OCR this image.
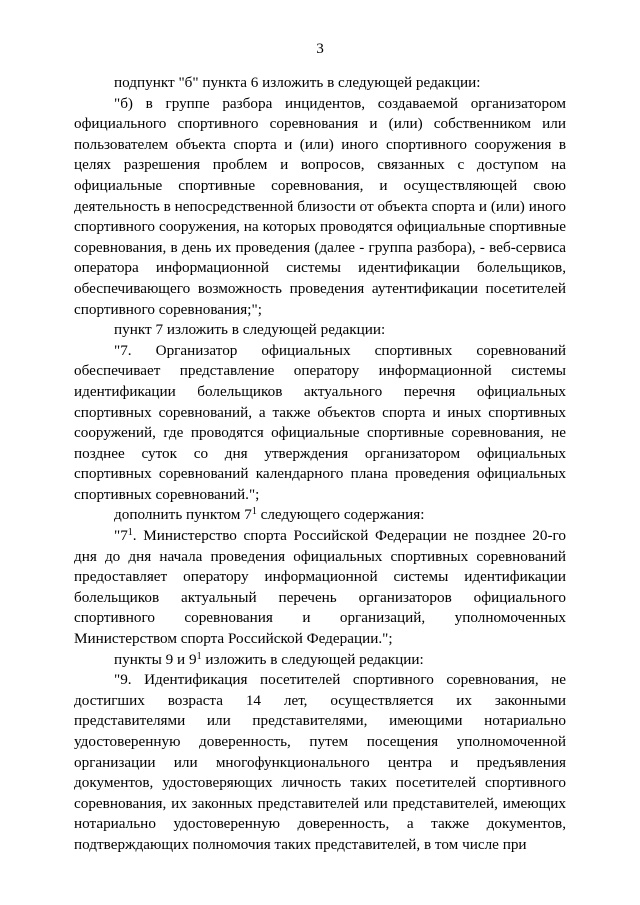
3

подпункт "б" пункта 6 изложить в следующей редакции:

"б) в группе разбора инцидентов, создаваемой организатором официального спортивного соревнования и (или) собственником или пользователем объекта спорта и (или) иного спортивного сооружения в целях разрешения проблем и вопросов, связанных с доступом на официальные спортивные соревнования, и осуществляющей свою деятельность в непосредственной близости от объекта спорта и (или) иного спортивного сооружения, на которых проводятся официальные спортивные соревнования, в день их проведения (далее - группа разбора), - веб-сервиса оператора информационной системы идентификации болельщиков, обеспечивающего возможность проведения аутентификации посетителей спортивного соревнования;";

пункт 7 изложить в следующей редакции:

"7. Организатор официальных спортивных соревнований обеспечивает представление оператору информационной системы идентификации болельщиков актуального перечня официальных спортивных соревнований, а также объектов спорта и иных спортивных сооружений, где проводятся официальные спортивные соревнования, не позднее суток со дня утверждения организатором официальных спортивных соревнований календарного плана проведения официальных спортивных соревнований.";

дополнить пунктом $7^1$ следующего содержания:

"$7^1$. Министерство спорта Российской Федерации не позднее 20-го дня до дня начала проведения официальных спортивных соревнований предоставляет оператору информационной системы идентификации болельщиков актуальный перечень организаторов официального спортивного соревнования и организаций, уполномоченных Министерством спорта Российской Федерации.";

пункты 9 и $9^1$ изложить в следующей редакции:

"9. Идентификация посетителей спортивного соревнования, не достигших возраста 14 лет, осуществляется их законными представителями или представителями, имеющими нотариально удостоверенную доверенность, путем посещения уполномоченной организации или многофункционального центра и предъявления документов, удостоверяющих личность таких посетителей спортивного соревнования, их законных представителей или представителей, имеющих нотариально удостоверенную доверенность, а также документов, подтверждающих полномочия таких представителей, в том числе при
